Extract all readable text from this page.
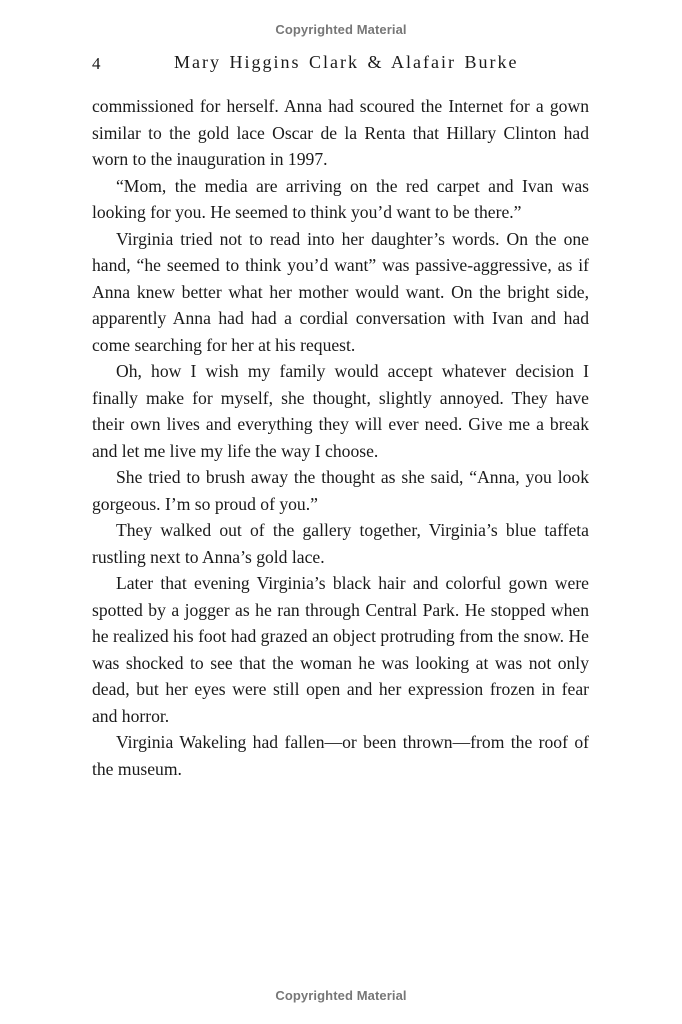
Copyrighted Material
4	Mary Higgins Clark & Alafair Burke

commissioned for herself. Anna had scoured the Internet for a gown similar to the gold lace Oscar de la Renta that Hillary Clinton had worn to the inauguration in 1997.

“Mom, the media are arriving on the red carpet and Ivan was looking for you. He seemed to think you’d want to be there.”

Virginia tried not to read into her daughter’s words. On the one hand, “he seemed to think you’d want” was passive-aggressive, as if Anna knew better what her mother would want. On the bright side, apparently Anna had had a cordial conversation with Ivan and had come searching for her at his request.

Oh, how I wish my family would accept whatever decision I finally make for myself, she thought, slightly annoyed. They have their own lives and everything they will ever need. Give me a break and let me live my life the way I choose.

She tried to brush away the thought as she said, “Anna, you look gorgeous. I’m so proud of you.”

They walked out of the gallery together, Virginia’s blue taffeta rustling next to Anna’s gold lace.

Later that evening Virginia’s black hair and colorful gown were spotted by a jogger as he ran through Central Park. He stopped when he realized his foot had grazed an object protruding from the snow. He was shocked to see that the woman he was looking at was not only dead, but her eyes were still open and her expression frozen in fear and horror.

Virginia Wakeling had fallen—or been thrown—from the roof of the museum.

Copyrighted Material
